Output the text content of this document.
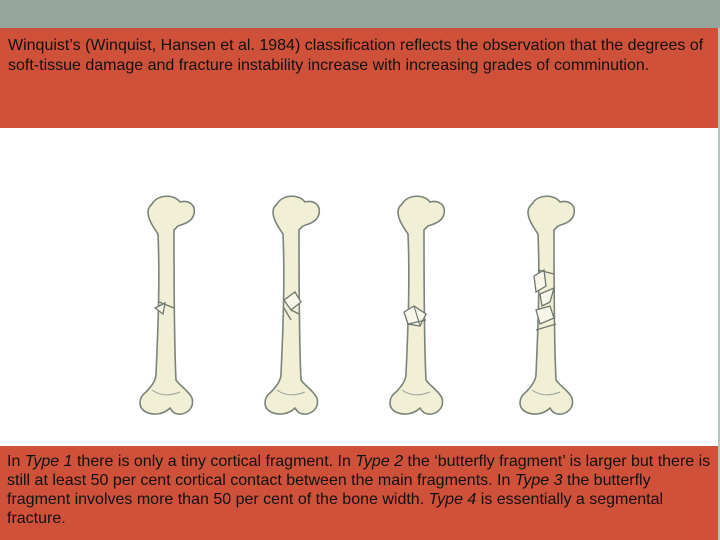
Winquist’s (Winquist, Hansen et al. 1984) classification reflects the observation that the degrees of soft-tissue damage and fracture instability increase with increasing grades of comminution.
In Type 1 there is only a tiny cortical fragment. In Type 2 the ‘butterfly fragment’ is larger but there is still at least 50 per cent cortical contact between the main fragments. In Type 3 the butterfly fragment involves more than 50 per cent of the bone width. Type 4 is essentially a segmental fracture.
